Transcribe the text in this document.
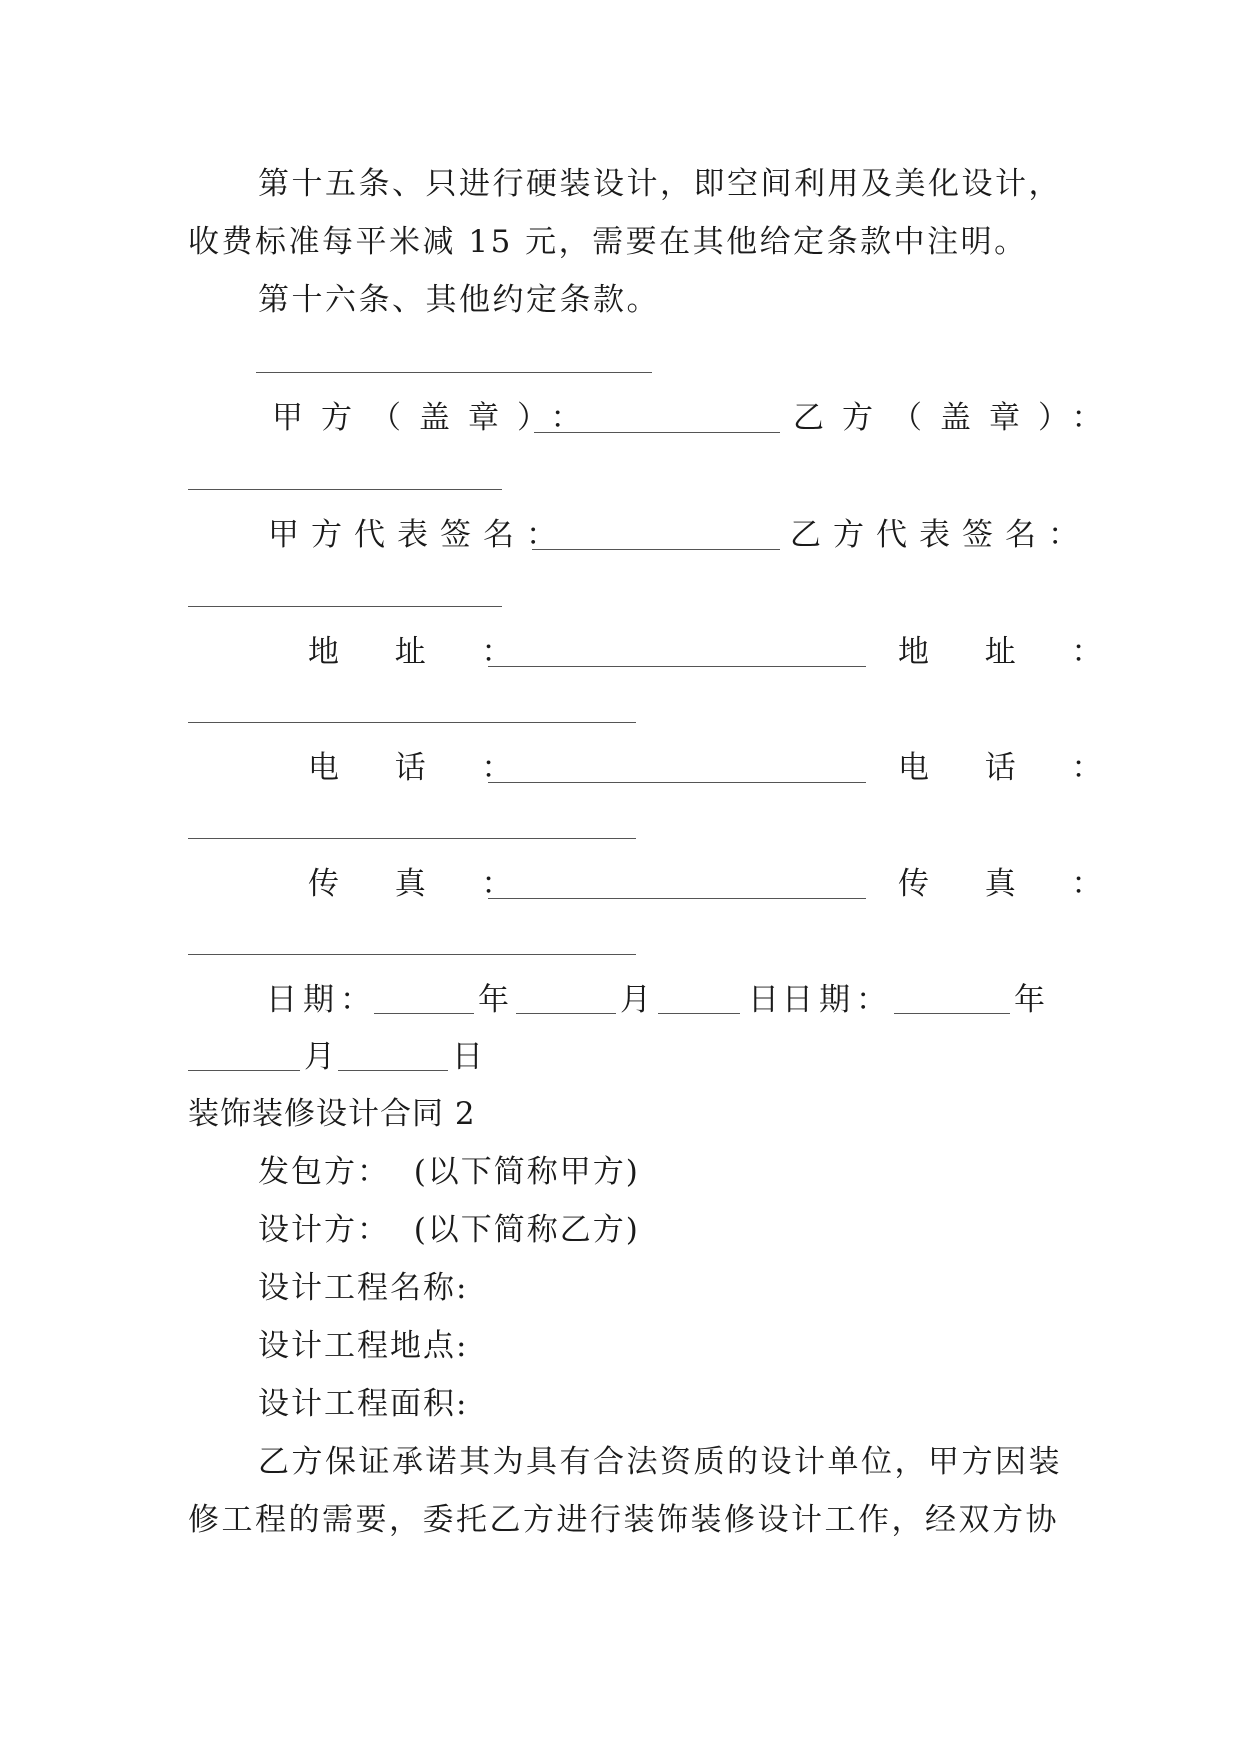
第十五条、只进行硬装设计，即空间利用及美化设计，
收费标准每平米减 15 元，需要在其他给定条款中注明。
第十六条、其他约定条款。
甲方（盖章）：	乙方（盖章）：
甲方代表签名：	乙方代表签名：
地  址  ：	地  址  ：
电  话  ：	电  话  ：
传  真  ：	传  真  ：
日期：	年	月	日 日期：	年
月	日
装饰装修设计合同 2
发包方：  (以下简称甲方)
设计方：  (以下简称乙方)
设计工程名称:
设计工程地点:
设计工程面积:
乙方保证承诺其为具有合法资质的设计单位，甲方因装
修工程的需要，委托乙方进行装饰装修设计工作，经双方协
